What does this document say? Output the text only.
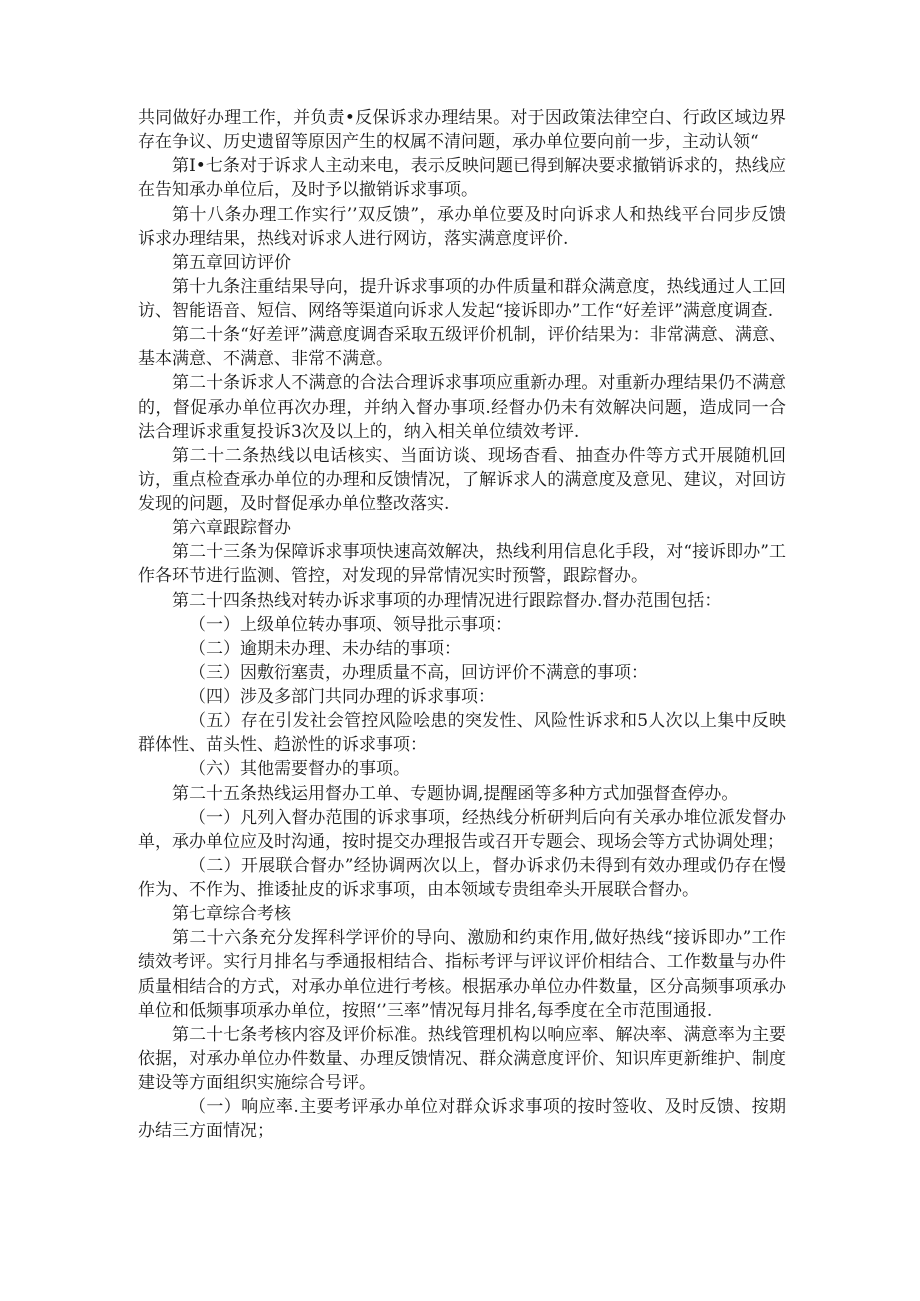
共同做好办理工作，并负责•反保诉求办理结果。对于因政策法律空白、行政区域边界存在争议、历史遗留等原因产生的权属不清问题，承办单位要向前一步，主动认领“

第I•七条对于诉求人主动来电，表示反映问题已得到解决要求撤销诉求的，热线应在告知承办单位后，及时予以撤销诉求事项。

第十八条办理工作实行’’双反馈”，承办单位要及时向诉求人和热线平台同步反馈诉求办理结果，热线对诉求人进行网访，落实满意度评价.

第五章回访评价

第十九条注重结果导向，提升诉求事项的办件质量和群众满意度，热线通过人工回访、智能语音、短信、网络等渠道向诉求人发起“接诉即办”工作“好差评”满意度调查.

第二十条“好差评”满意度调杳采取五级评价机制，评价结果为：非常满意、满意、基本满意、不满意、非常不满意。

第二十条诉求人不满意的合法合理诉求事项应重新办理。对重新办理结果仍不满意的，督促承办单位再次办理，并纳入督办事项.经督办仍未有效解决问题，造成同一合法合理诉求重复投诉3次及以上的，纳入相关单位绩效考评.

第二十二条热线以电话核实、当面访谈、现场杳看、抽查办件等方式开展随机回访，重点检查承办单位的办理和反馈情况，了解诉求人的满意度及意见、建议，对回访发现的问题，及时督促承办单位整改落实.

第六章跟踪督办

第二十三条为保障诉求事项快速高效解决，热线利用信息化手段，对“接诉即办”工作各环节进行监测、管控，对发现的异常情况实时预警，跟踪督办。

第二十四条热线对转办诉求事项的办理情况进行跟踪督办.督办范围包括：

（一）上级单位转办事项、领导批示事项：

（二）逾期未办理、未办结的事项：

（三）因敷衍塞责，办理质量不高，回访评价不满意的事项：

（四）涉及多部门共同办理的诉求事项：

（五）存在引发社会管控风险哙患的突发性、风险性诉求和5人次以上集中反映群体性、苗头性、趋淤性的诉求事项：

（六）其他需要督办的事项。

第二十五条热线运用督办工单、专题协调,提醒函等多种方式加强督查停办。

（一）凡列入督办范围的诉求事项，经热线分析研判后向有关承办堆位派发督办单，承办单位应及时沟通，按时提交办理报告或召开专题会、现场会等方式协调处理；

（二）开展联合督办”经协调两次以上，督办诉求仍未得到有效办理或仍存在慢作为、不作为、推诿扯皮的诉求事项，由本领域专贵组牵头开展联合督办。

第七章综合考核

第二十六条充分发挥科学评价的导向、激励和约束作用,做好热线“接诉即办”工作绩效考评。实行月排名与季通报相结合、指标考评与评议评价相结合、工作数量与办件质量相结合的方式，对承办单位进行考核。根据承办单位办件数量，区分高频事项承办单位和低频事项承办单位，按照‘’三率”情况每月排名,每季度在全市范围通报.

第二十七条考核内容及评价标准。热线管理机构以响应率、解决率、满意率为主要依据，对承办单位办件数量、办理反馈情况、群众满意度评价、知识库更新维护、制度建设等方面组织实施综合号评。

（一）响应率.主要考评承办单位对群众诉求事项的按时签收、及时反馈、按期办结三方面情况；
